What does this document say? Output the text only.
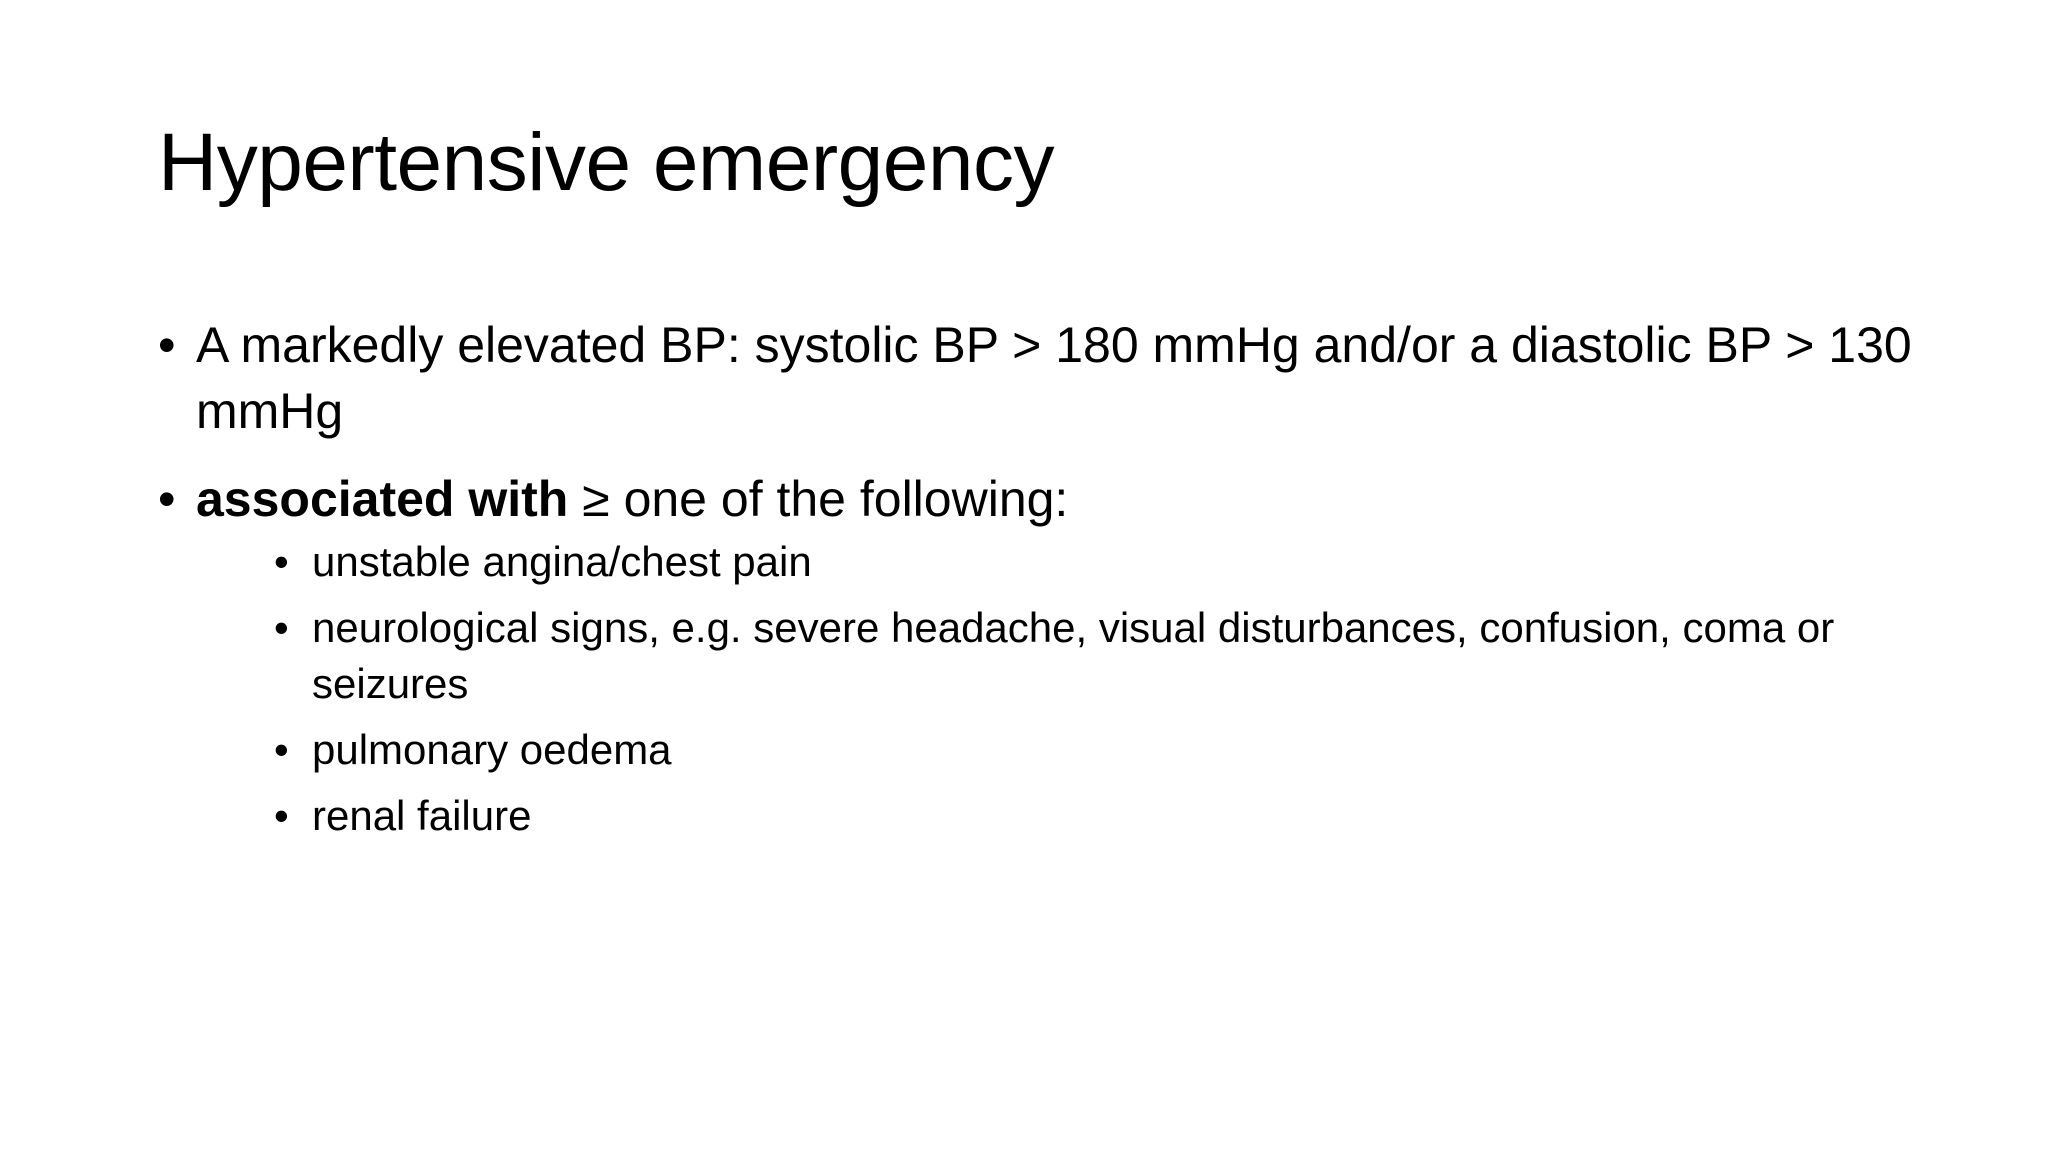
Hypertensive emergency
• A markedly elevated BP: systolic BP > 180 mmHg and/or a diastolic BP > 130 mmHg
• associated with ≥ one of the following:
• unstable angina/chest pain
• neurological signs, e.g. severe headache, visual disturbances, confusion, coma or seizures
• pulmonary oedema
• renal failure
